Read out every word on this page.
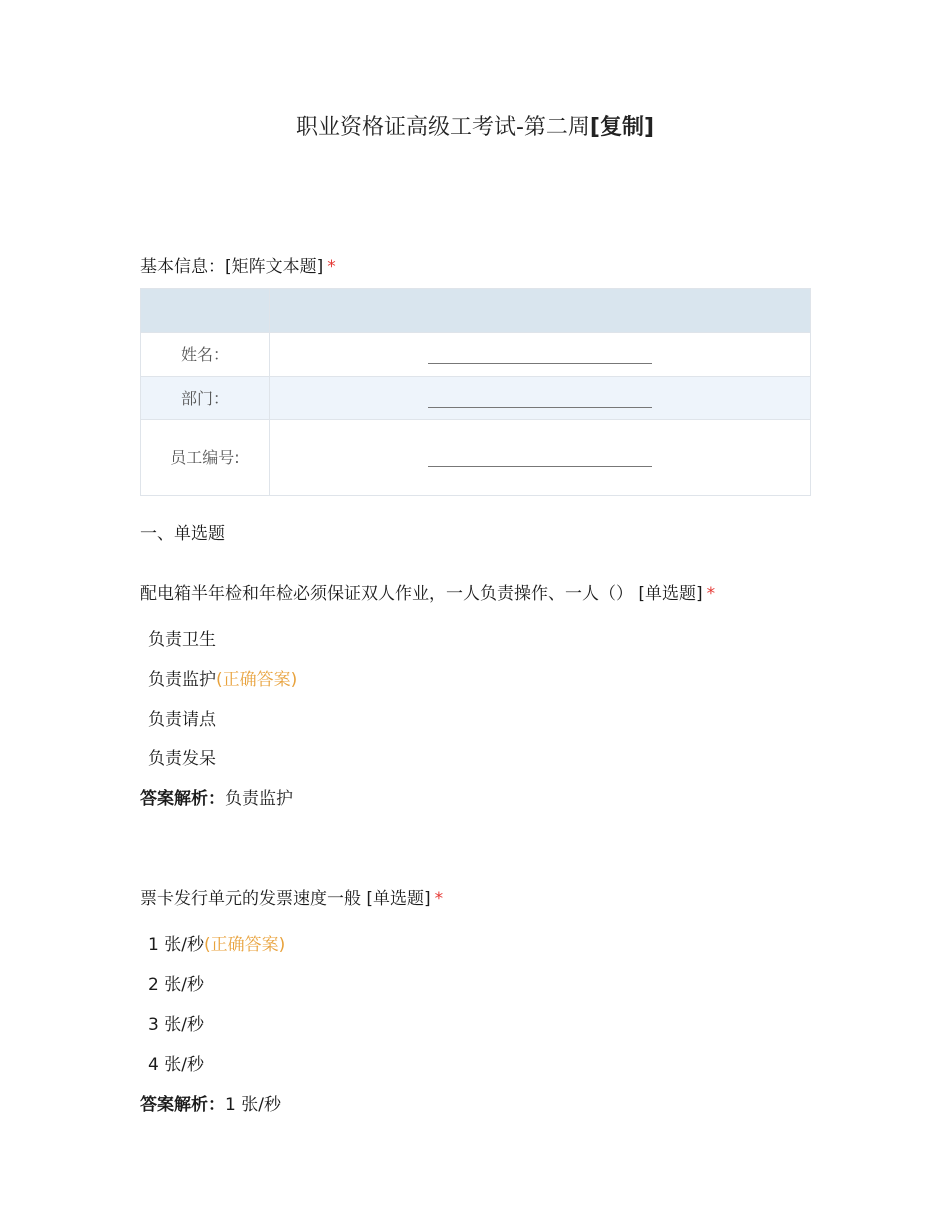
职业资格证高级工考试-第二周[复制]
基本信息：[矩阵文本题] *

姓名：	
部门：	
员工编号:	
一、单选题
配电箱半年检和年检必须保证双人作业，一人负责操作、一人（） [单选题] *
负责卫生
负责监护(正确答案)
负责请点
负责发呆
答案解析：负责监护
票卡发行单元的发票速度一般 [单选题] *
1 张/秒(正确答案)
2 张/秒
3 张/秒
4 张/秒
答案解析：1 张/秒
